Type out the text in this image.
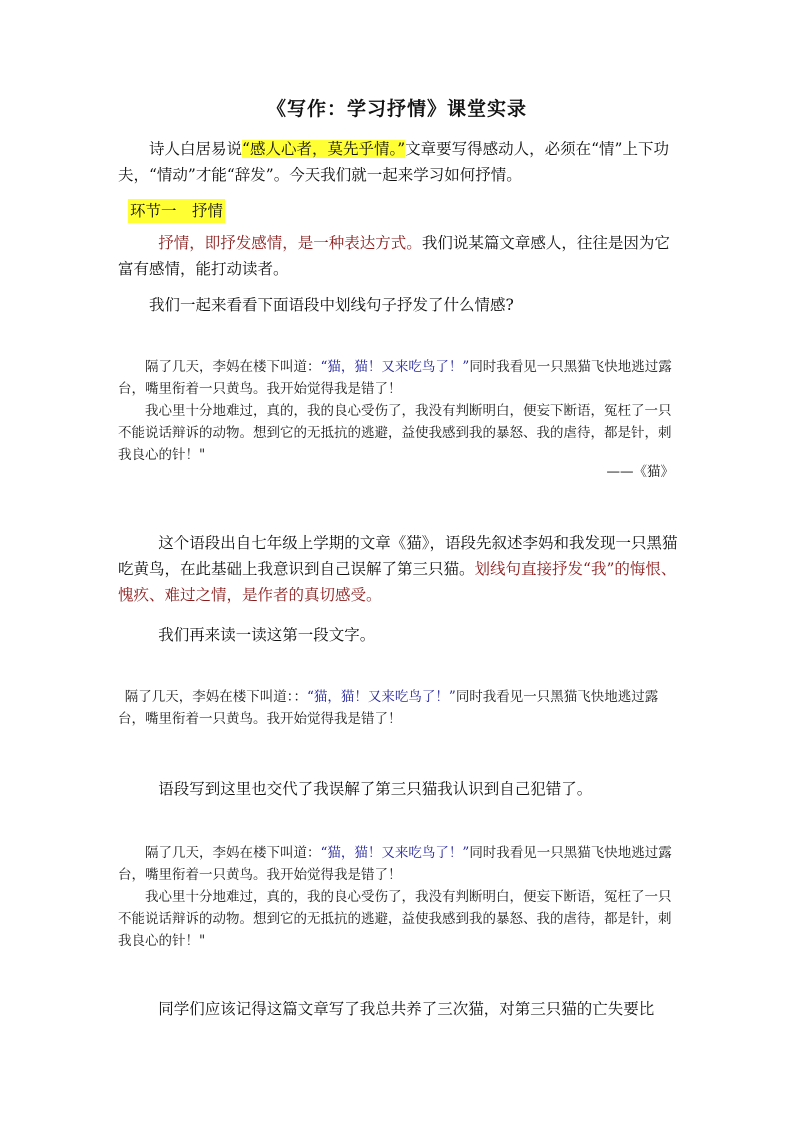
《写作：学习抒情》课堂实录

诗人白居易说“感人心者，莫先乎情。”文章要写得感动人，必须在“情”上下功夫，“情动”才能“辞发”。今天我们就一起来学习如何抒情。

环节一　抒情

抒情，即抒发感情，是一种表达方式。我们说某篇文章感人，往往是因为它富有感情，能打动读者。

我们一起来看看下面语段中划线句子抒发了什么情感?

隔了几天，李妈在楼下叫道：“猫，猫！又来吃鸟了！”同时我看见一只黑猫飞快地逃过露台，嘴里衔着一只黄鸟。我开始觉得我是错了！
我心里十分地难过，真的，我的良心受伤了，我没有判断明白，便妄下断语，冤枉了一只不能说话辩诉的动物。想到它的无抵抗的逃避，益使我感到我的暴怒、我的虐待，都是针，刺我良心的针！"
——《猫》

这个语段出自七年级上学期的文章《猫》，语段先叙述李妈和我发现一只黑猫吃黄鸟，在此基础上我意识到自己误解了第三只猫。划线句直接抒发“我”的悔恨、愧疚、难过之情，是作者的真切感受。

我们再来读一读这第一段文字。

隔了几天，李妈在楼下叫道：：“猫，猫！又来吃鸟了！”同时我看见一只黑猫飞快地逃过露台，嘴里衔着一只黄鸟。我开始觉得我是错了！

语段写到这里也交代了我误解了第三只猫我认识到自己犯错了。

隔了几天，李妈在楼下叫道：“猫，猫！又来吃鸟了！”同时我看见一只黑猫飞快地逃过露台，嘴里衔着一只黄鸟。我开始觉得我是错了！
我心里十分地难过，真的，我的良心受伤了，我没有判断明白，便妄下断语，冤枉了一只不能说话辩诉的动物。想到它的无抵抗的逃避，益使我感到我的暴怒、我的虐待，都是针，刺我良心的针！"

同学们应该记得这篇文章写了我总共养了三次猫，对第三只猫的亡失要比
